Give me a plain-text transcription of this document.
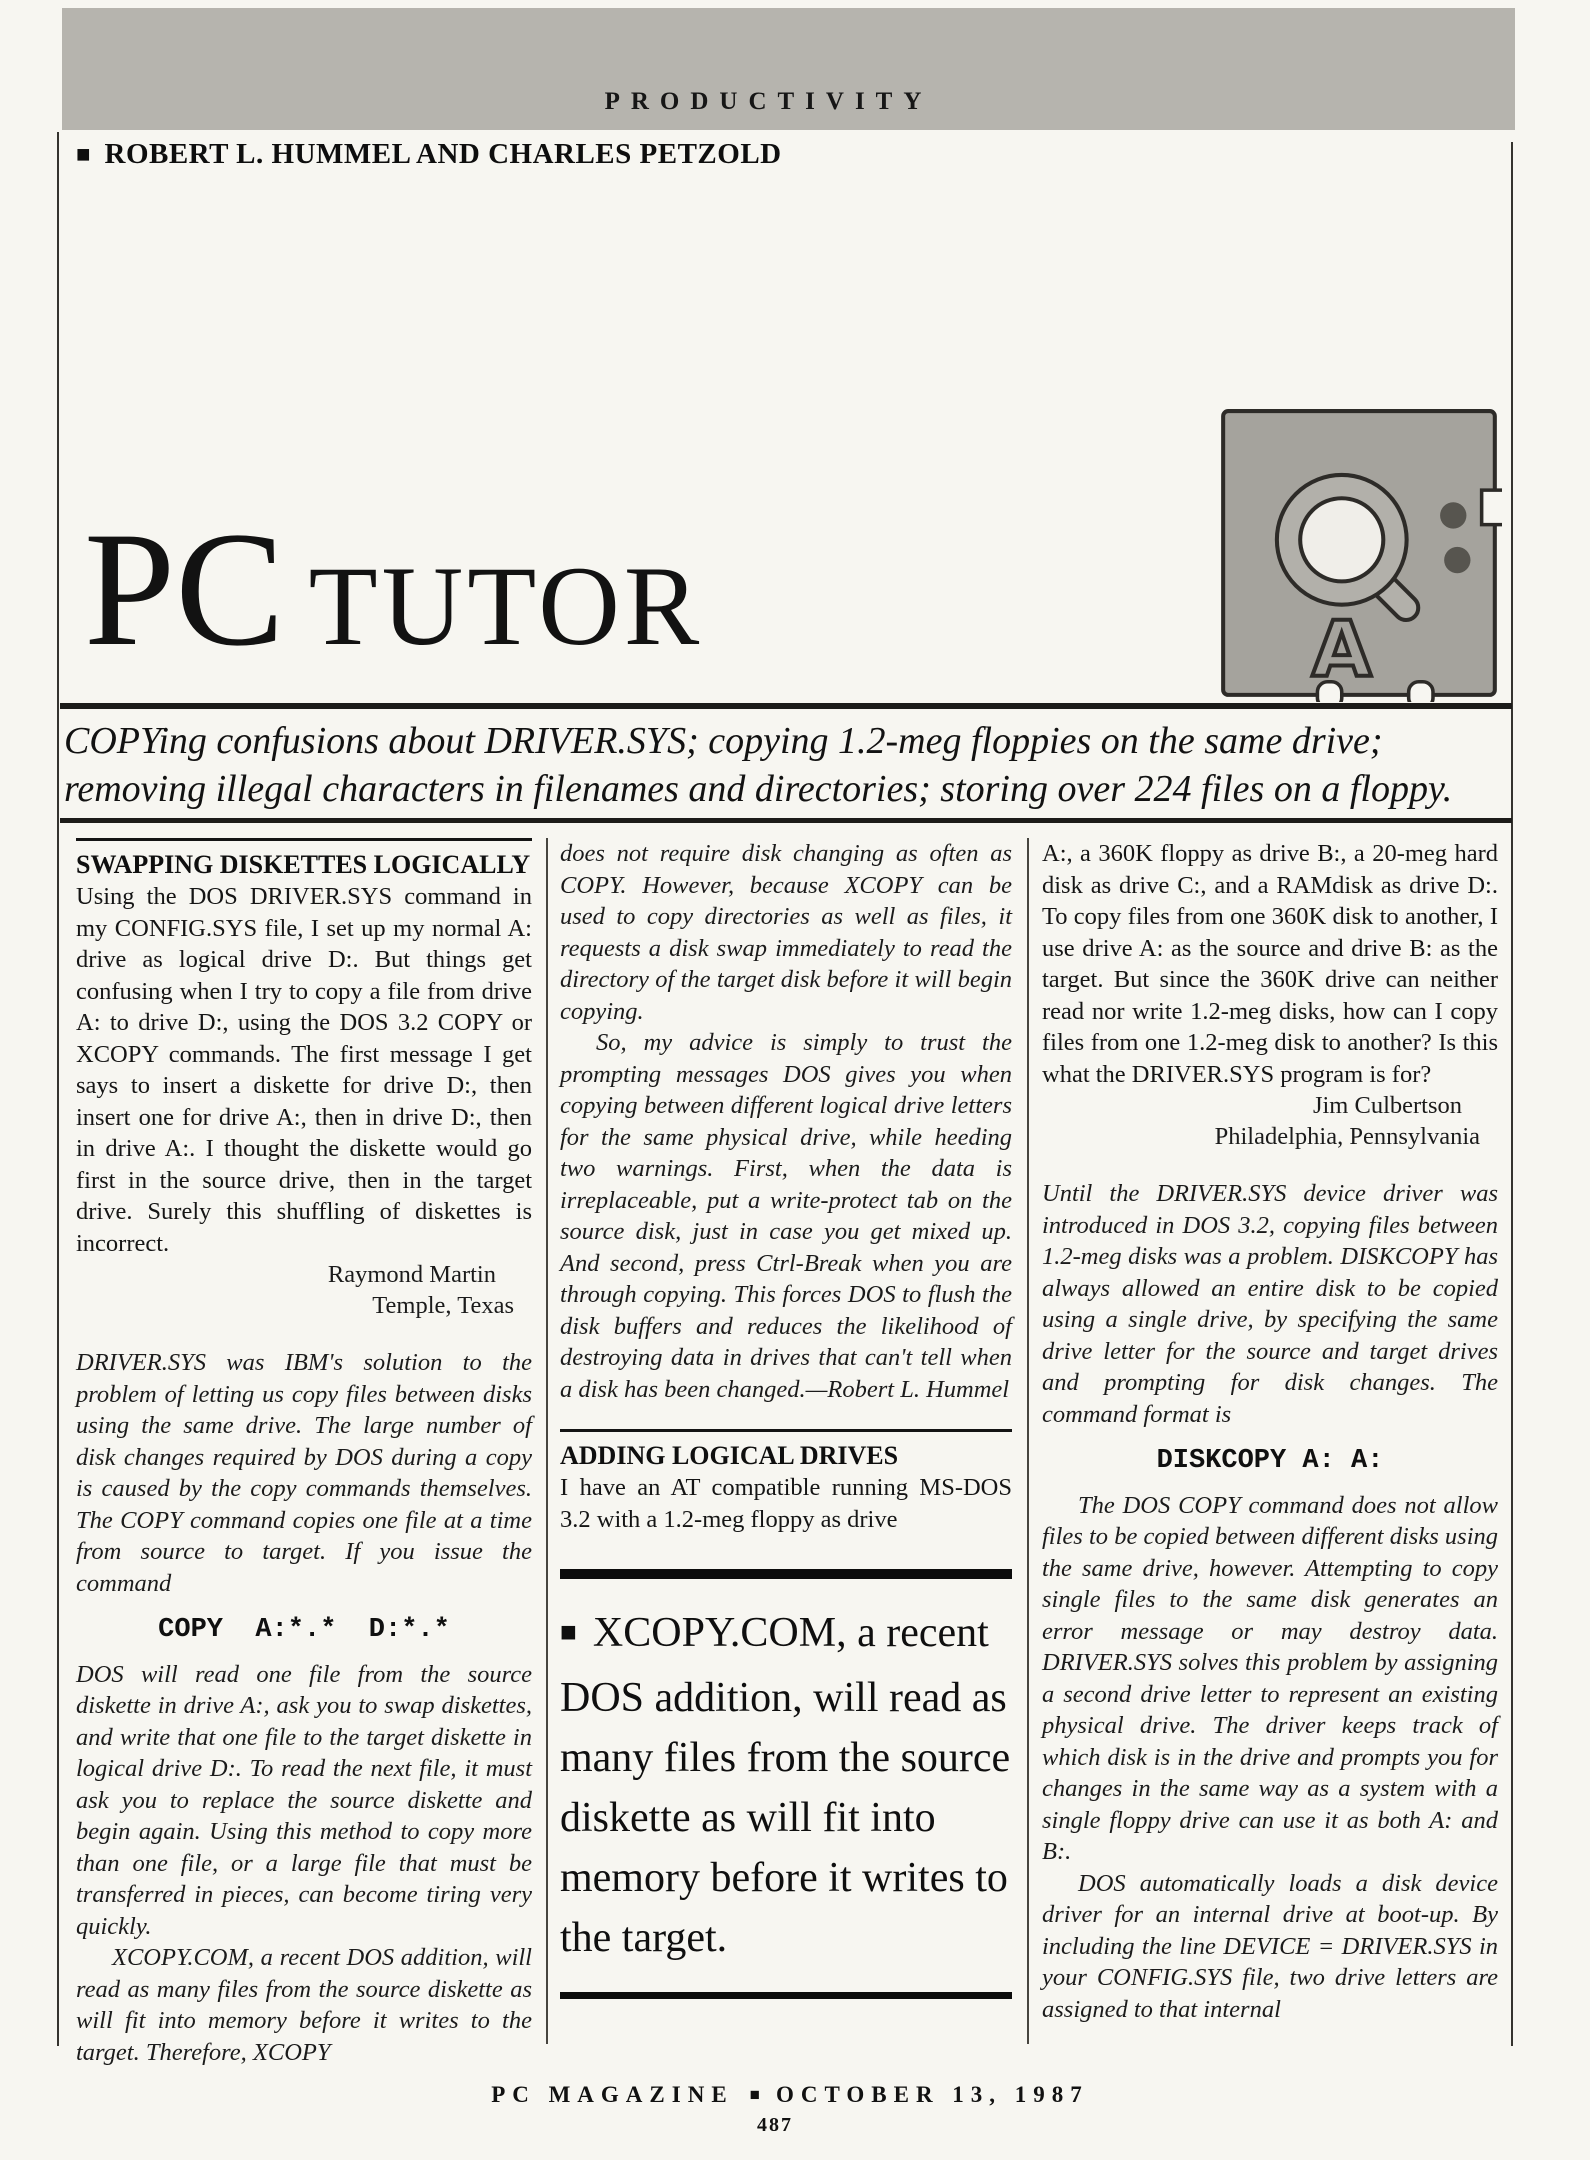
PRODUCTIVITY
■ ROBERT L. HUMMEL AND CHARLES PETZOLD
PC TUTOR	A
COPYing confusions about DRIVER.SYS; copying 1.2-meg floppies on the same drive;
removing illegal characters in filenames and directories; storing over 224 files on a floppy.
SWAPPING DISKETTES LOGICALLY

Using the DOS DRIVER.SYS command in my CONFIG.SYS file, I set up my normal A: drive as logical drive D:. But things get confusing when I try to copy a file from drive A: to drive D:, using the DOS 3.2 COPY or XCOPY commands. The first message I get says to insert a diskette for drive D:, then insert one for drive A:, then in drive D:, then in drive A:. I thought the diskette would go first in the source drive, then in the target drive. Surely this shuffling of diskettes is incorrect.

Raymond Martin
Temple, Texas

DRIVER.SYS was IBM's solution to the problem of letting us copy files between disks using the same drive. The large number of disk changes required by DOS during a copy is caused by the copy commands themselves. The COPY command copies one file at a time from source to target. If you issue the command

COPY  A:*.*  D:*.*

DOS will read one file from the source diskette in drive A:, ask you to swap diskettes, and write that one file to the target diskette in logical drive D:. To read the next file, it must ask you to replace the source diskette and begin again. Using this method to copy more than one file, or a large file that must be transferred in pieces, can become tiring very quickly.

XCOPY.COM, a recent DOS addition, will read as many files from the source diskette as will fit into memory before it writes to the target. Therefore, XCOPY

does not require disk changing as often as COPY. However, because XCOPY can be used to copy directories as well as files, it requests a disk swap immediately to read the directory of the target disk before it will begin copying.

So, my advice is simply to trust the prompting messages DOS gives you when copying between different logical drive letters for the same physical drive, while heeding two warnings. First, when the data is irreplaceable, put a write-protect tab on the source disk, just in case you get mixed up. And second, press Ctrl-Break when you are through copying. This forces DOS to flush the disk buffers and reduces the likelihood of destroying data in drives that can't tell when a disk has been changed.—Robert L. Hummel

ADDING LOGICAL DRIVES

I have an AT compatible running MS-DOS 3.2 with a 1.2-meg floppy as drive

■ XCOPY.COM, a recent DOS addition, will read as many files from the source diskette as will fit into memory before it writes to the target.

A:, a 360K floppy as drive B:, a 20-meg hard disk as drive C:, and a RAMdisk as drive D:. To copy files from one 360K disk to another, I use drive A: as the source and drive B: as the target. But since the 360K drive can neither read nor write 1.2-meg disks, how can I copy files from one 1.2-meg disk to another? Is this what the DRIVER.SYS program is for?

Jim Culbertson
Philadelphia, Pennsylvania

Until the DRIVER.SYS device driver was introduced in DOS 3.2, copying files between 1.2-meg disks was a problem. DISKCOPY has always allowed an entire disk to be copied using a single drive, by specifying the same drive letter for the source and target drives and prompting for disk changes. The command format is

DISKCOPY A: A:

The DOS COPY command does not allow files to be copied between different disks using the same drive, however. Attempting to copy single files to the same disk generates an error message or may destroy data. DRIVER.SYS solves this problem by assigning a second drive letter to represent an existing physical drive. The driver keeps track of which disk is in the drive and prompts you for changes in the same way as a system with a single floppy drive can use it as both A: and B:.

DOS automatically loads a disk device driver for an internal drive at boot-up. By including the line DEVICE = DRIVER.SYS in your CONFIG.SYS file, two drive letters are assigned to that internal

PC MAGAZINE ■ OCTOBER 13, 1987
487
